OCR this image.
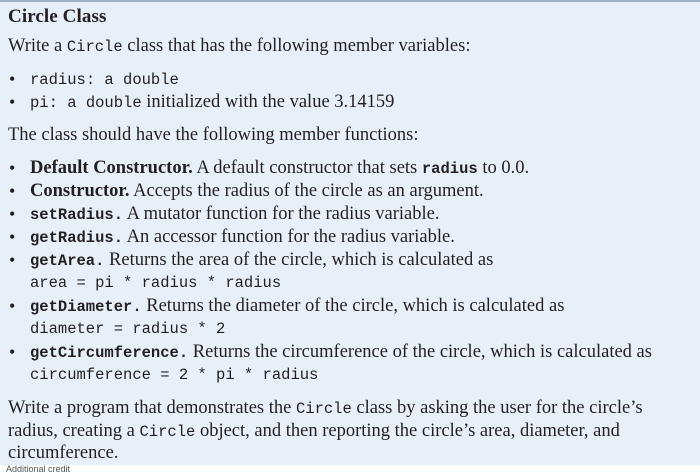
Circle Class
Write a Circle class that has the following member variables:
• radius: a double
• pi: a double initialized with the value 3.14159
The class should have the following member functions:
• Default Constructor. A default constructor that sets radius to 0.0.
• Constructor. Accepts the radius of the circle as an argument.
• setRadius. A mutator function for the radius variable.
• getRadius. An accessor function for the radius variable.
• getArea. Returns the area of the circle, which is calculated as
area = pi * radius * radius
• getDiameter. Returns the diameter of the circle, which is calculated as
diameter = radius * 2
• getCircumference. Returns the circumference of the circle, which is calculated as
circumference = 2 * pi * radius
Write a program that demonstrates the Circle class by asking the user for the circle’s
radius, creating a Circle object, and then reporting the circle’s area, diameter, and
circumference.
Additional credit
